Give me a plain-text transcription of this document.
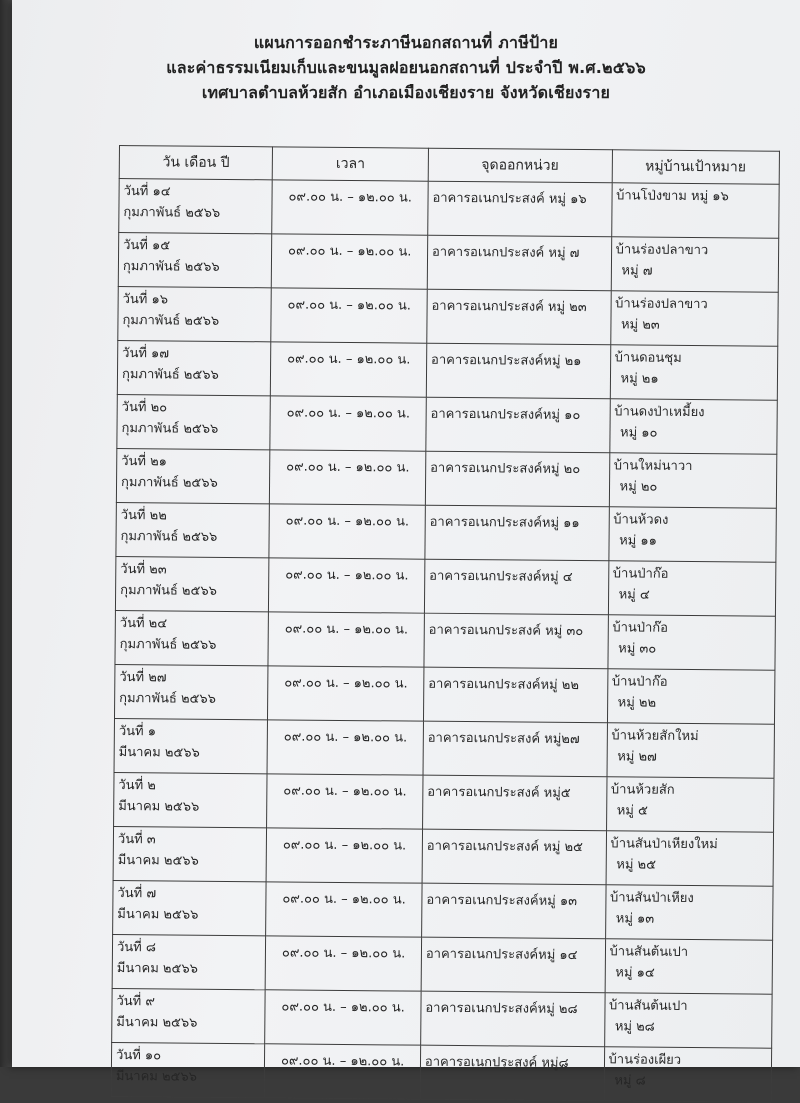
แผนการออกชำระภาษีนอกสถานที่ ภาษีป้าย
และค่าธรรมเนียมเก็บและขนมูลฝอยนอกสถานที่ ประจำปี พ.ศ.๒๕๖๖
เทศบาลตำบลห้วยสัก อำเภอเมืองเชียงราย จังหวัดเชียงราย
วัน เดือน ปี	เวลา	จุดออกหน่วย	หมู่บ้านเป้าหมาย
วันที่ ๑๔
กุมภาพันธ์ ๒๕๖๖	๐๙.๐๐ น. – ๑๒.๐๐ น.	อาคารอเนกประสงค์ หมู่ ๑๖	บ้านโป่งขาม หมู่ ๑๖

วันที่ ๑๕
กุมภาพันธ์ ๒๕๖๖	๐๙.๐๐ น. – ๑๒.๐๐ น.	อาคารอเนกประสงค์ หมู่ ๗	บ้านร่องปลาขาว
หมู่ ๗

วันที่ ๑๖
กุมภาพันธ์ ๒๕๖๖	๐๙.๐๐ น. – ๑๒.๐๐ น.	อาคารอเนกประสงค์ หมู่ ๒๓	บ้านร่องปลาขาว
หมู่ ๒๓

วันที่ ๑๗
กุมภาพันธ์ ๒๕๖๖	๐๙.๐๐ น. – ๑๒.๐๐ น.	อาคารอเนกประสงค์หมู่ ๒๑	บ้านดอนชุม
หมู่ ๒๑

วันที่ ๒๐
กุมภาพันธ์ ๒๕๖๖	๐๙.๐๐ น. – ๑๒.๐๐ น.	อาคารอเนกประสงค์หมู่ ๑๐	บ้านดงป่าเหมี้ยง
หมู่ ๑๐

วันที่ ๒๑
กุมภาพันธ์ ๒๕๖๖	๐๙.๐๐ น. – ๑๒.๐๐ น.	อาคารอเนกประสงค์หมู่ ๒๐	บ้านใหม่นาวา
หมู่ ๒๐

วันที่ ๒๒
กุมภาพันธ์ ๒๕๖๖	๐๙.๐๐ น. – ๑๒.๐๐ น.	อาคารอเนกประสงค์หมู่ ๑๑	บ้านห้วดง
หมู่ ๑๑

วันที่ ๒๓
กุมภาพันธ์ ๒๕๖๖	๐๙.๐๐ น. – ๑๒.๐๐ น.	อาคารอเนกประสงค์หมู่ ๔	บ้านป่าก๊อ
หมู่ ๔

วันที่ ๒๔
กุมภาพันธ์ ๒๕๖๖	๐๙.๐๐ น. – ๑๒.๐๐ น.	อาคารอเนกประสงค์ หมู่ ๓๐	บ้านป่าก๊อ
หมู่ ๓๐

วันที่ ๒๗
กุมภาพันธ์ ๒๕๖๖	๐๙.๐๐ น. – ๑๒.๐๐ น.	อาคารอเนกประสงค์หมู่ ๒๒	บ้านป่าก๊อ
หมู่ ๒๒

วันที่ ๑
มีนาคม ๒๕๖๖	๐๙.๐๐ น. – ๑๒.๐๐ น.	อาคารอเนกประสงค์ หมู่๒๗	บ้านห้วยสักใหม่
หมู่ ๒๗

วันที่ ๒
มีนาคม ๒๕๖๖	๐๙.๐๐ น. – ๑๒.๐๐ น.	อาคารอเนกประสงค์ หมู่๕	บ้านห้วยสัก
หมู่ ๕

วันที่ ๓
มีนาคม ๒๕๖๖	๐๙.๐๐ น. – ๑๒.๐๐ น.	อาคารอเนกประสงค์ หมู่ ๒๕	บ้านสันป่าเหียงใหม่
หมู่ ๒๕

วันที่ ๗
มีนาคม ๒๕๖๖	๐๙.๐๐ น. – ๑๒.๐๐ น.	อาคารอเนกประสงค์หมู่ ๑๓	บ้านสันป่าเหียง
หมู่ ๑๓

วันที่ ๘
มีนาคม ๒๕๖๖	๐๙.๐๐ น. – ๑๒.๐๐ น.	อาคารอเนกประสงค์หมู่ ๑๔	บ้านสันต้นเปา
หมู่ ๑๔

วันที่ ๙
มีนาคม ๒๕๖๖	๐๙.๐๐ น. – ๑๒.๐๐ น.	อาคารอเนกประสงค์หมู่ ๒๘	บ้านสันต้นเปา
หมู่ ๒๘

วันที่ ๑๐
มีนาคม ๒๕๖๖	๐๙.๐๐ น. – ๑๒.๐๐ น.	อาคารอเนกประสงค์ หมู่๘	บ้านร่องเผียว
หมู่ ๘
